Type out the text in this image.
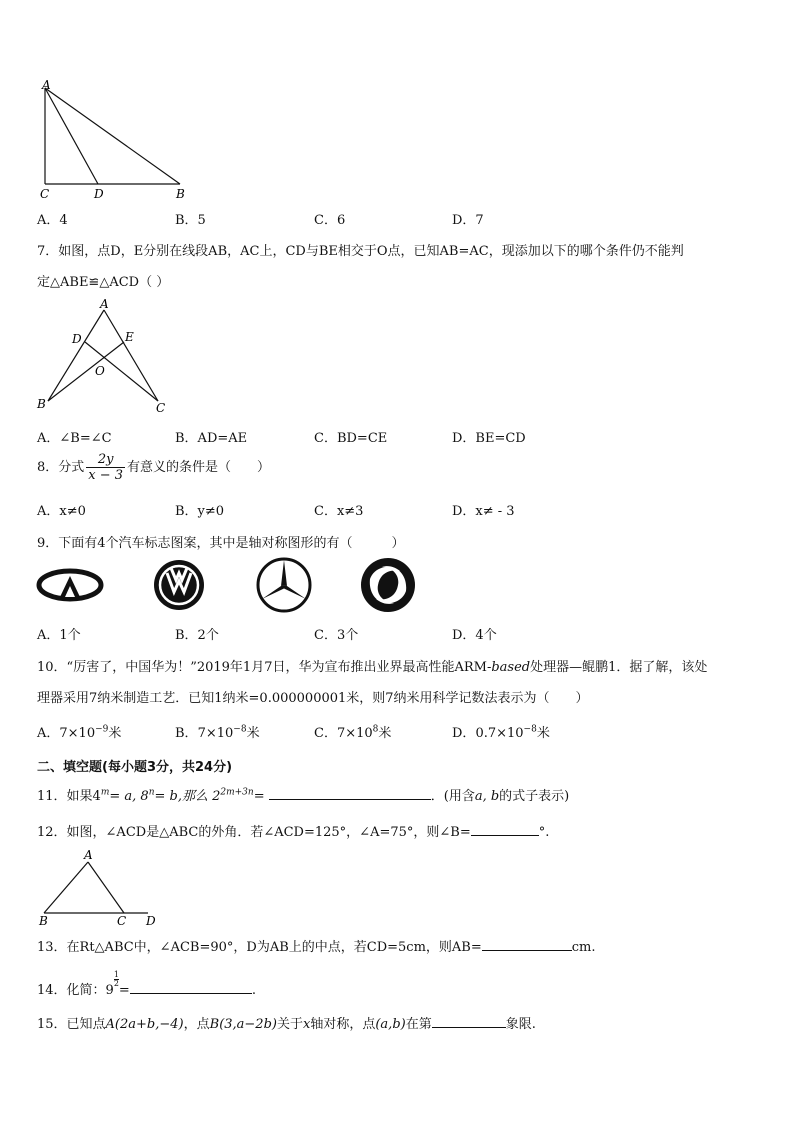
A
C	D	B
A．4	B．5	C．6	D．7
7．如图，点D，E分别在线段AB，AC上，CD与BE相交于O点，已知AB=AC，现添加以下的哪个条件仍不能判
定△ABE≌△ACD（ ）
A
D	E
O
B	C
A．∠B=∠C	B．AD=AE	C．BD=CE	D．BE=CD
8．分式 $\frac{2y}{x - 3}$ 有意义的条件是（　　）
A．x≠0	B．y≠0	C．x≠3	D．x≠ - 3
9．下面有4个汽车标志图案，其中是轴对称图形的有（　　　）
A．1个	B．2个	C．3个	D．4个
10．“厉害了，中国华为！”2019年1月7日，华为宣布推出业界最高性能ARM-based处理器—鲲鹏1．据了解，该处
理器采用7纳米制造工艺．已知1纳米=0.000000001米，则7纳米用科学记数法表示为（　　）
A．$7\times 10^{-9}$米	B．$7\times 10^{-8}$米	C．$7\times 10^8$米	D．$0.7\times 10^{-8}$米
二、填空题(每小题3分，共24分)
11．如果$4^m= a$, $8^n= b$,那么 $2^{2m+3n}=$	．(用含a, b的式子表示)
12．如图，∠ACD是△ABC的外角．若∠ACD=125°，∠A=75°，则∠B=	°.
A
B	C D
13．在Rt△ABC中，∠ACB=90°，D为AB上的中点，若CD=5cm，则AB=	cm.
14．化简：9
$\frac{1}{2}$
=	.
15．已知点A(2a+b,−4)，点B(3,a−2b)关于x轴对称，点(a,b)在第	象限.
